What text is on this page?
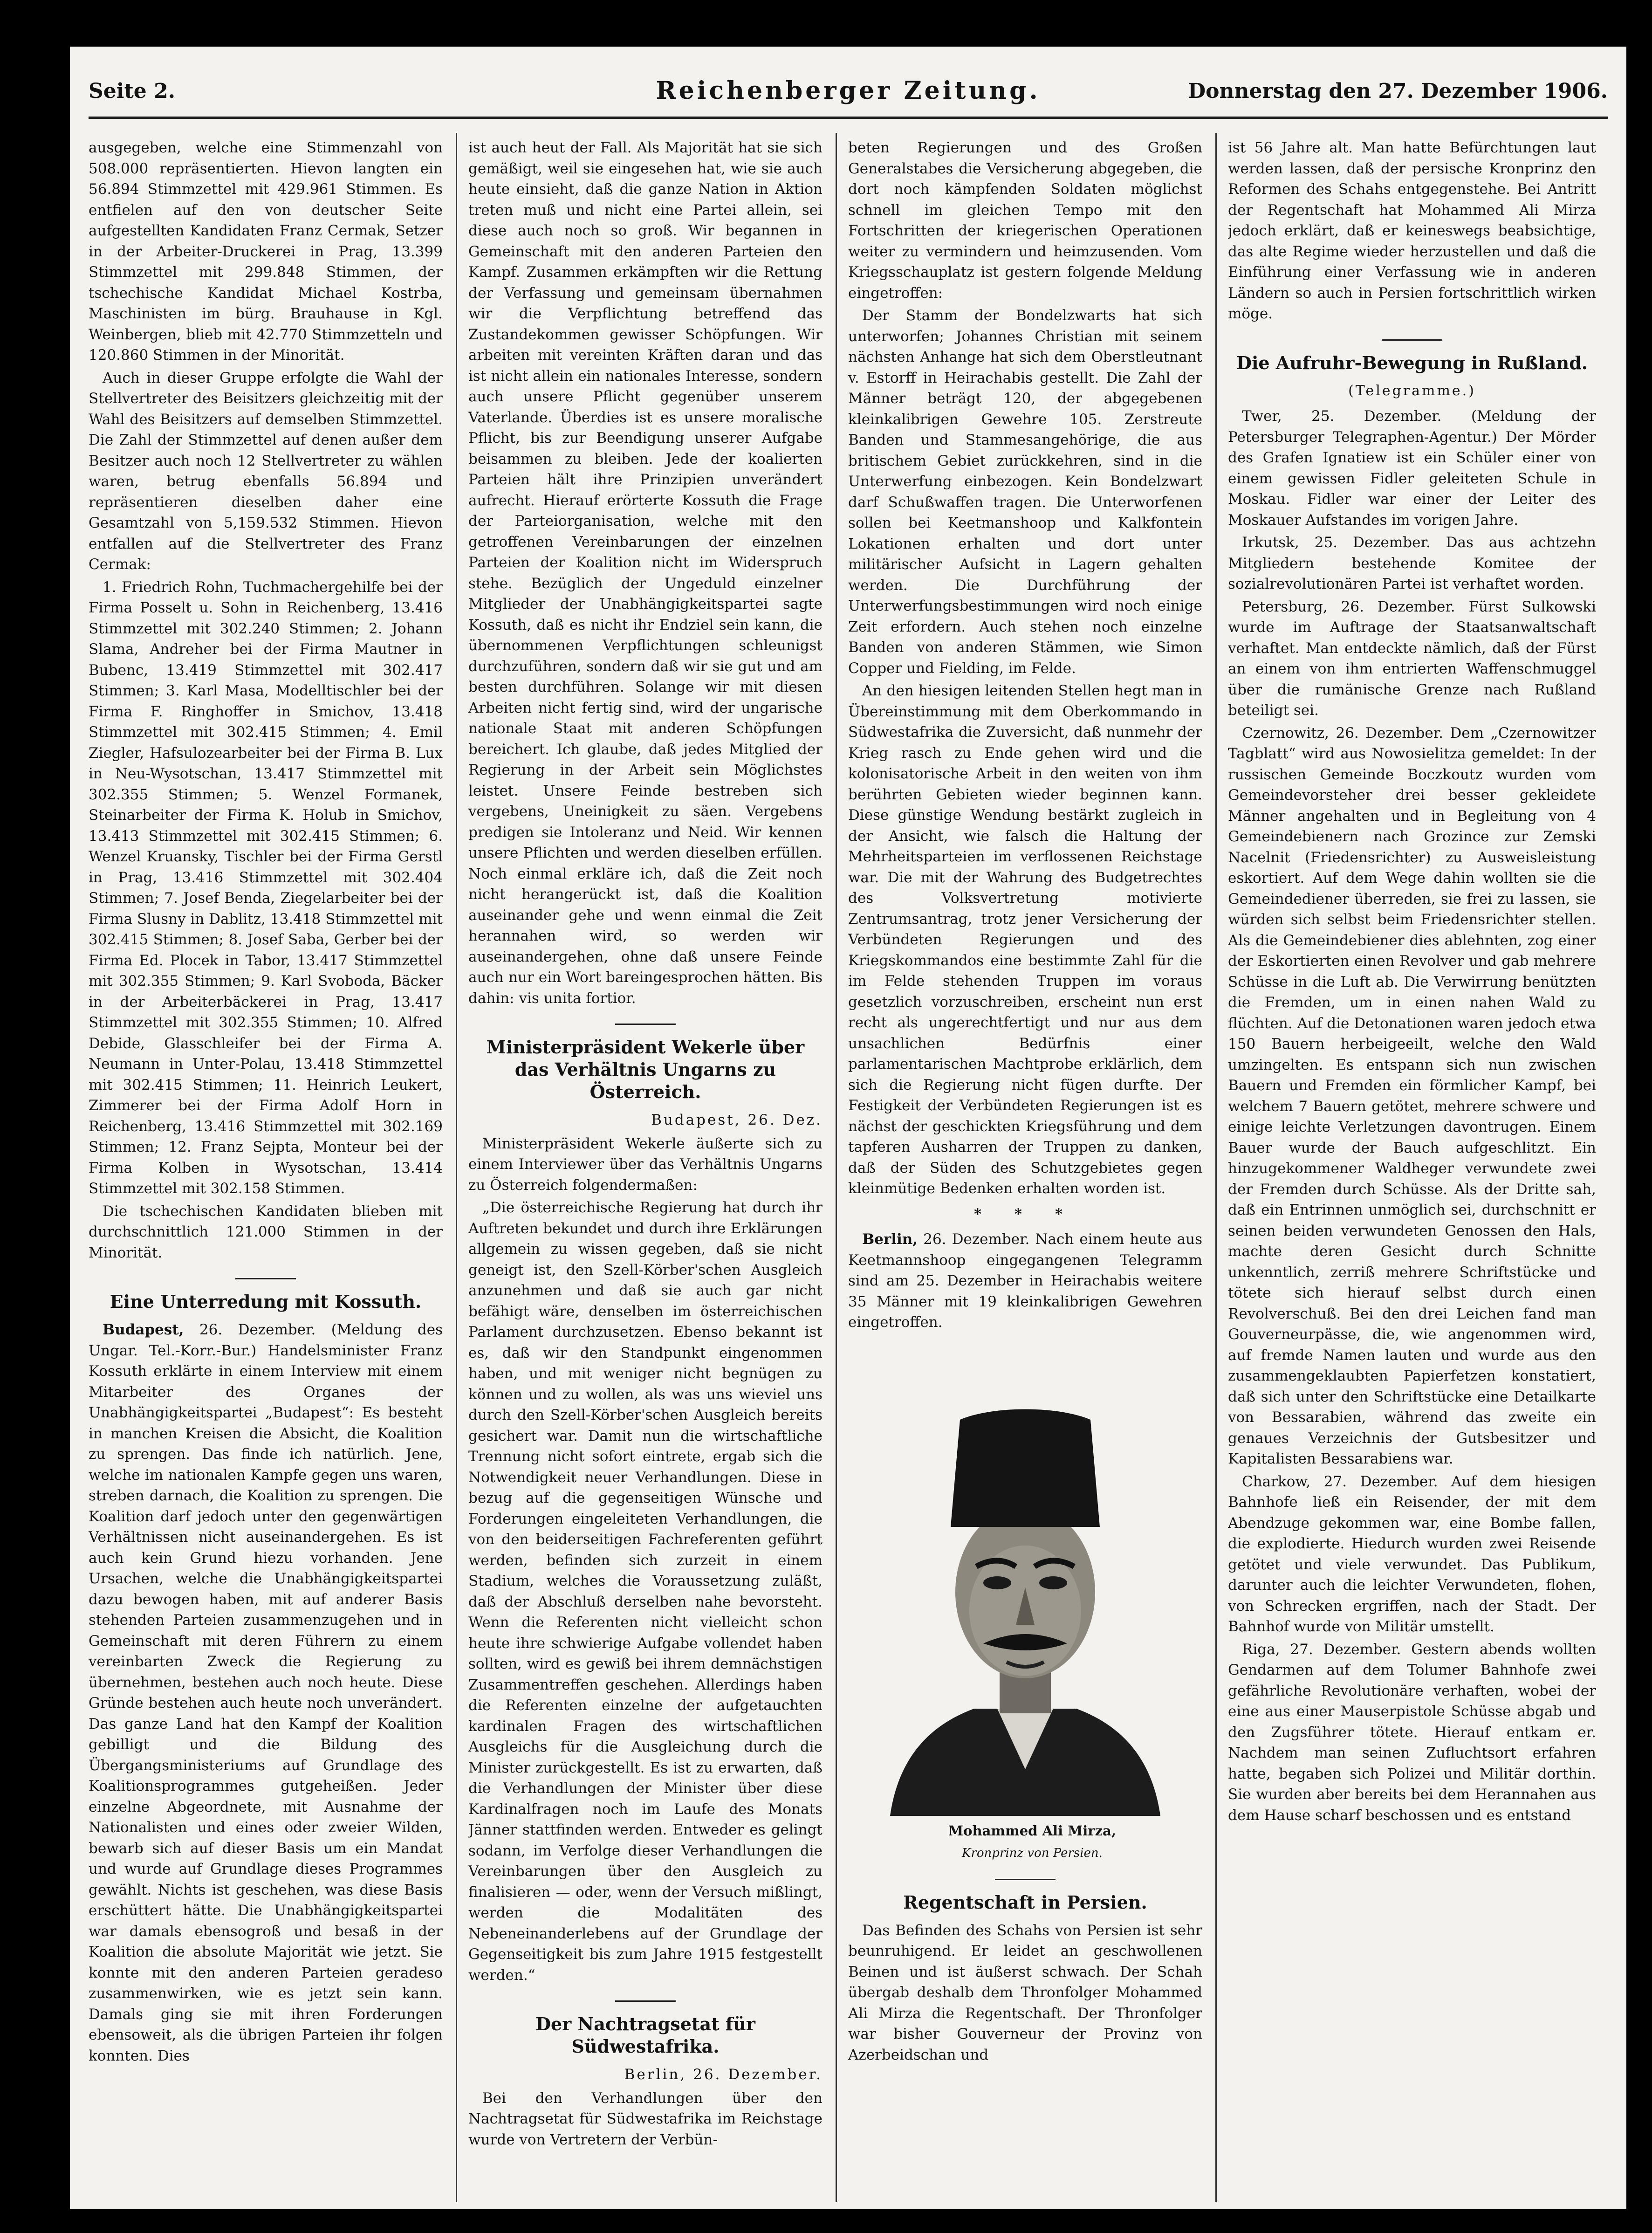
Seite 2.	Reichenberger Zeitung.	Donnerstag den 27. Dezember 1906.

ausgegeben, welche eine Stimmenzahl von 508.000 repräsentierten. Hievon langten ein 56.894 Stimmzettel mit 429.961 Stimmen. Es entfielen auf den von deutscher Seite aufgestellten Kandidaten Franz Cermak, Setzer in der Arbeiter-Druckerei in Prag, 13.399 Stimmzettel mit 299.848 Stimmen, der tschechische Kandidat Michael Kostrba, Maschinisten im bürg. Brauhause in Kgl. Weinbergen, blieb mit 42.770 Stimmzetteln und 120.860 Stimmen in der Minorität.

Auch in dieser Gruppe erfolgte die Wahl der Stellvertreter des Beisitzers gleichzeitig mit der Wahl des Beisitzers auf demselben Stimmzettel. Die Zahl der Stimmzettel auf denen außer dem Besitzer auch noch 12 Stellvertreter zu wählen waren, betrug ebenfalls 56.894 und repräsentieren dieselben daher eine Gesamtzahl von 5,159.532 Stimmen. Hievon entfallen auf die Stellvertreter des Franz Cermak:

1. Friedrich Rohn, Tuchmachergehilfe bei der Firma Posselt u. Sohn in Reichenberg, 13.416 Stimmzettel mit 302.240 Stimmen; 2. Johann Slama, Andreher bei der Firma Mautner in Bubenc, 13.419 Stimmzettel mit 302.417 Stimmen; 3. Karl Masa, Modelltischler bei der Firma F. Ringhoffer in Smichov, 13.418 Stimmzettel mit 302.415 Stimmen; 4. Emil Ziegler, Hafsulozearbeiter bei der Firma B. Lux in Neu-Wysotschan, 13.417 Stimmzettel mit 302.355 Stimmen; 5. Wenzel Formanek, Steinarbeiter der Firma K. Holub in Smichov, 13.413 Stimmzettel mit 302.415 Stimmen; 6. Wenzel Kruansky, Tischler bei der Firma Gerstl in Prag, 13.416 Stimmzettel mit 302.404 Stimmen; 7. Josef Benda, Ziegelarbeiter bei der Firma Slusny in Dablitz, 13.418 Stimmzettel mit 302.415 Stimmen; 8. Josef Saba, Gerber bei der Firma Ed. Plocek in Tabor, 13.417 Stimmzettel mit 302.355 Stimmen; 9. Karl Svoboda, Bäcker in der Arbeiterbäckerei in Prag, 13.417 Stimmzettel mit 302.355 Stimmen; 10. Alfred Debide, Glasschleifer bei der Firma A. Neumann in Unter-Polau, 13.418 Stimmzettel mit 302.415 Stimmen; 11. Heinrich Leukert, Zimmerer bei der Firma Adolf Horn in Reichenberg, 13.416 Stimmzettel mit 302.169 Stimmen; 12. Franz Sejpta, Monteur bei der Firma Kolben in Wysotschan, 13.414 Stimmzettel mit 302.158 Stimmen.

Die tschechischen Kandidaten blieben mit durchschnittlich 121.000 Stimmen in der Minorität.

Eine Unterredung mit Kossuth.

Budapest, 26. Dezember. (Meldung des Ungar. Tel.-Korr.-Bur.) Handelsminister Franz Kossuth erklärte in einem Interview mit einem Mitarbeiter des Organes der Unabhängigkeitspartei „Budapest“: Es besteht in manchen Kreisen die Absicht, die Koalition zu sprengen. Das finde ich natürlich. Jene, welche im nationalen Kampfe gegen uns waren, streben darnach, die Koalition zu sprengen. Die Koalition darf jedoch unter den gegenwärtigen Verhältnissen nicht auseinandergehen. Es ist auch kein Grund hiezu vorhanden. Jene Ursachen, welche die Unabhängigkeitspartei dazu bewogen haben, mit auf anderer Basis stehenden Parteien zusammenzugehen und in Gemeinschaft mit deren Führern zu einem vereinbarten Zweck die Regierung zu übernehmen, bestehen auch noch heute. Diese Gründe bestehen auch heute noch unverändert. Das ganze Land hat den Kampf der Koalition gebilligt und die Bildung des Übergangsministeriums auf Grundlage des Koalitionsprogrammes gutgeheißen. Jeder einzelne Abgeordnete, mit Ausnahme der Nationalisten und eines oder zweier Wilden, bewarb sich auf dieser Basis um ein Mandat und wurde auf Grundlage dieses Programmes gewählt. Nichts ist geschehen, was diese Basis erschüttert hätte. Die Unabhängigkeitspartei war damals ebensogroß und besaß in der Koalition die absolute Majorität wie jetzt. Sie konnte mit den anderen Parteien geradeso zusammenwirken, wie es jetzt sein kann. Damals ging sie mit ihren Forderungen ebensoweit, als die übrigen Parteien ihr folgen konnten. Dies

ist auch heut der Fall. Als Majorität hat sie sich gemäßigt, weil sie eingesehen hat, wie sie auch heute einsieht, daß die ganze Nation in Aktion treten muß und nicht eine Partei allein, sei diese auch noch so groß. Wir begannen in Gemeinschaft mit den anderen Parteien den Kampf. Zusammen erkämpften wir die Rettung der Verfassung und gemeinsam übernahmen wir die Verpflichtung betreffend das Zustandekommen gewisser Schöpfungen. Wir arbeiten mit vereinten Kräften daran und das ist nicht allein ein nationales Interesse, sondern auch unsere Pflicht gegenüber unserem Vaterlande. Überdies ist es unsere moralische Pflicht, bis zur Beendigung unserer Aufgabe beisammen zu bleiben. Jede der koalierten Parteien hält ihre Prinzipien unverändert aufrecht. Hierauf erörterte Kossuth die Frage der Parteiorganisation, welche mit den getroffenen Vereinbarungen der einzelnen Parteien der Koalition nicht im Widerspruch stehe. Bezüglich der Ungeduld einzelner Mitglieder der Unabhängigkeitspartei sagte Kossuth, daß es nicht ihr Endziel sein kann, die übernommenen Verpflichtungen schleunigst durchzuführen, sondern daß wir sie gut und am besten durchführen. Solange wir mit diesen Arbeiten nicht fertig sind, wird der ungarische nationale Staat mit anderen Schöpfungen bereichert. Ich glaube, daß jedes Mitglied der Regierung in der Arbeit sein Möglichstes leistet. Unsere Feinde bestreben sich vergebens, Uneinigkeit zu säen. Vergebens predigen sie Intoleranz und Neid. Wir kennen unsere Pflichten und werden dieselben erfüllen. Noch einmal erkläre ich, daß die Zeit noch nicht herangerückt ist, daß die Koalition auseinander gehe und wenn einmal die Zeit herannahen wird, so werden wir auseinandergehen, ohne daß unsere Feinde auch nur ein Wort bareingesprochen hätten. Bis dahin: vis unita fortior.

Ministerpräsident Wekerle über das Verhältnis Ungarns zu Österreich.
Budapest, 26. Dez.

Ministerpräsident Wekerle äußerte sich zu einem Interviewer über das Verhältnis Ungarns zu Österreich folgendermaßen:

„Die österreichische Regierung hat durch ihr Auftreten bekundet und durch ihre Erklärungen allgemein zu wissen gegeben, daß sie nicht geneigt ist, den Szell-Körber'schen Ausgleich anzunehmen und daß sie auch gar nicht befähigt wäre, denselben im österreichischen Parlament durchzusetzen. Ebenso bekannt ist es, daß wir den Standpunkt eingenommen haben, und mit weniger nicht begnügen zu können und zu wollen, als was uns wieviel uns durch den Szell-Körber'schen Ausgleich bereits gesichert war. Damit nun die wirtschaftliche Trennung nicht sofort eintrete, ergab sich die Notwendigkeit neuer Verhandlungen. Diese in bezug auf die gegenseitigen Wünsche und Forderungen eingeleiteten Verhandlungen, die von den beiderseitigen Fachreferenten geführt werden, befinden sich zurzeit in einem Stadium, welches die Voraussetzung zuläßt, daß der Abschluß derselben nahe bevorsteht. Wenn die Referenten nicht vielleicht schon heute ihre schwierige Aufgabe vollendet haben sollten, wird es gewiß bei ihrem demnächstigen Zusammentreffen geschehen. Allerdings haben die Referenten einzelne der aufgetauchten kardinalen Fragen des wirtschaftlichen Ausgleichs für die Ausgleichung durch die Minister zurückgestellt. Es ist zu erwarten, daß die Verhandlungen der Minister über diese Kardinalfragen noch im Laufe des Monats Jänner stattfinden werden. Entweder es gelingt sodann, im Verfolge dieser Verhandlungen die Vereinbarungen über den Ausgleich zu finalisieren — oder, wenn der Versuch mißlingt, werden die Modalitäten des Nebeneinanderlebens auf der Grundlage der Gegenseitigkeit bis zum Jahre 1915 festgestellt werden.“

Der Nachtragsetat für Südwestafrika.
Berlin, 26. Dezember.

Bei den Verhandlungen über den Nachtragsetat für Südwestafrika im Reichstage wurde von Vertretern der Verbün-

beten Regierungen und des Großen Generalstabes die Versicherung abgegeben, die dort noch kämpfenden Soldaten möglichst schnell im gleichen Tempo mit den Fortschritten der kriegerischen Operationen weiter zu vermindern und heimzusenden. Vom Kriegsschauplatz ist gestern folgende Meldung eingetroffen:

Der Stamm der Bondelzwarts hat sich unterworfen; Johannes Christian mit seinem nächsten Anhange hat sich dem Oberstleutnant v. Estorff in Heirachabis gestellt. Die Zahl der Männer beträgt 120, der abgegebenen kleinkalibrigen Gewehre 105. Zerstreute Banden und Stammesangehörige, die aus britischem Gebiet zurückkehren, sind in die Unterwerfung einbezogen. Kein Bondelzwart darf Schußwaffen tragen. Die Unterworfenen sollen bei Keetmanshoop und Kalkfontein Lokationen erhalten und dort unter militärischer Aufsicht in Lagern gehalten werden. Die Durchführung der Unterwerfungsbestimmungen wird noch einige Zeit erfordern. Auch stehen noch einzelne Banden von anderen Stämmen, wie Simon Copper und Fielding, im Felde.

An den hiesigen leitenden Stellen hegt man in Übereinstimmung mit dem Oberkommando in Südwestafrika die Zuversicht, daß nunmehr der Krieg rasch zu Ende gehen wird und die kolonisatorische Arbeit in den weiten von ihm berührten Gebieten wieder beginnen kann. Diese günstige Wendung bestärkt zugleich in der Ansicht, wie falsch die Haltung der Mehrheitsparteien im verflossenen Reichstage war. Die mit der Wahrung des Budgetrechtes des Volksvertretung motivierte Zentrumsantrag, trotz jener Versicherung der Verbündeten Regierungen und des Kriegskommandos eine bestimmte Zahl für die im Felde stehenden Truppen im voraus gesetzlich vorzuschreiben, erscheint nun erst recht als ungerechtfertigt und nur aus dem unsachlichen Bedürfnis einer parlamentarischen Machtprobe erklärlich, dem sich die Regierung nicht fügen durfte. Der Festigkeit der Verbündeten Regierungen ist es nächst der geschickten Kriegsführung und dem tapferen Ausharren der Truppen zu danken, daß der Süden des Schutzgebietes gegen kleinmütige Bedenken erhalten worden ist.

* * *

Berlin, 26. Dezember. Nach einem heute aus Keetmannshoop eingegangenen Telegramm sind am 25. Dezember in Heirachabis weitere 35 Männer mit 19 kleinkalibrigen Gewehren eingetroffen.

Mohammed Ali Mirza,

Kronprinz von Persien.

Regentschaft in Persien.

Das Befinden des Schahs von Persien ist sehr beunruhigend. Er leidet an geschwollenen Beinen und ist äußerst schwach. Der Schah übergab deshalb dem Thronfolger Mohammed Ali Mirza die Regentschaft. Der Thronfolger war bisher Gouverneur der Provinz von Azerbeidschan und

ist 56 Jahre alt. Man hatte Befürchtungen laut werden lassen, daß der persische Kronprinz den Reformen des Schahs entgegenstehe. Bei Antritt der Regentschaft hat Mohammed Ali Mirza jedoch erklärt, daß er keineswegs beabsichtige, das alte Regime wieder herzustellen und daß die Einführung einer Verfassung wie in anderen Ländern so auch in Persien fortschrittlich wirken möge.

Die Aufruhr-Bewegung in Rußland.
(Telegramme.)

Twer, 25. Dezember. (Meldung der Petersburger Telegraphen-Agentur.) Der Mörder des Grafen Ignatiew ist ein Schüler einer von einem gewissen Fidler geleiteten Schule in Moskau. Fidler war einer der Leiter des Moskauer Aufstandes im vorigen Jahre.

Irkutsk, 25. Dezember. Das aus achtzehn Mitgliedern bestehende Komitee der sozialrevolutionären Partei ist verhaftet worden.

Petersburg, 26. Dezember. Fürst Sulkowski wurde im Auftrage der Staatsanwaltschaft verhaftet. Man entdeckte nämlich, daß der Fürst an einem von ihm entrierten Waffenschmuggel über die rumänische Grenze nach Rußland beteiligt sei.

Czernowitz, 26. Dezember. Dem „Czernowitzer Tagblatt“ wird aus Nowosielitza gemeldet: In der russischen Gemeinde Boczkoutz wurden vom Gemeindevorsteher drei besser gekleidete Männer angehalten und in Begleitung von 4 Gemeindebienern nach Grozince zur Zemski Nacelnit (Friedensrichter) zu Ausweisleistung eskortiert. Auf dem Wege dahin wollten sie die Gemeindediener überreden, sie frei zu lassen, sie würden sich selbst beim Friedensrichter stellen. Als die Gemeindebiener dies ablehnten, zog einer der Eskortierten einen Revolver und gab mehrere Schüsse in die Luft ab. Die Verwirrung benützten die Fremden, um in einen nahen Wald zu flüchten. Auf die Detonationen waren jedoch etwa 150 Bauern herbeigeeilt, welche den Wald umzingelten. Es entspann sich nun zwischen Bauern und Fremden ein förmlicher Kampf, bei welchem 7 Bauern getötet, mehrere schwere und einige leichte Verletzungen davontrugen. Einem Bauer wurde der Bauch aufgeschlitzt. Ein hinzugekommener Waldheger verwundete zwei der Fremden durch Schüsse. Als der Dritte sah, daß ein Entrinnen unmöglich sei, durchschnitt er seinen beiden verwundeten Genossen den Hals, machte deren Gesicht durch Schnitte unkenntlich, zerriß mehrere Schriftstücke und tötete sich hierauf selbst durch einen Revolverschuß. Bei den drei Leichen fand man Gouverneurpässe, die, wie angenommen wird, auf fremde Namen lauten und wurde aus den zusammengeklaubten Papierfetzen konstatiert, daß sich unter den Schriftstücke eine Detailkarte von Bessarabien, während das zweite ein genaues Verzeichnis der Gutsbesitzer und Kapitalisten Bessarabiens war.

Charkow, 27. Dezember. Auf dem hiesigen Bahnhofe ließ ein Reisender, der mit dem Abendzuge gekommen war, eine Bombe fallen, die explodierte. Hiedurch wurden zwei Reisende getötet und viele verwundet. Das Publikum, darunter auch die leichter Verwundeten, flohen, von Schrecken ergriffen, nach der Stadt. Der Bahnhof wurde von Militär umstellt.

Riga, 27. Dezember. Gestern abends wollten Gendarmen auf dem Tolumer Bahnhofe zwei gefährliche Revolutionäre verhaften, wobei der eine aus einer Mauserpistole Schüsse abgab und den Zugsführer tötete. Hierauf entkam er. Nachdem man seinen Zufluchtsort erfahren hatte, begaben sich Polizei und Militär dorthin. Sie wurden aber bereits bei dem Herannahen aus dem Hause scharf beschossen und es entstand
